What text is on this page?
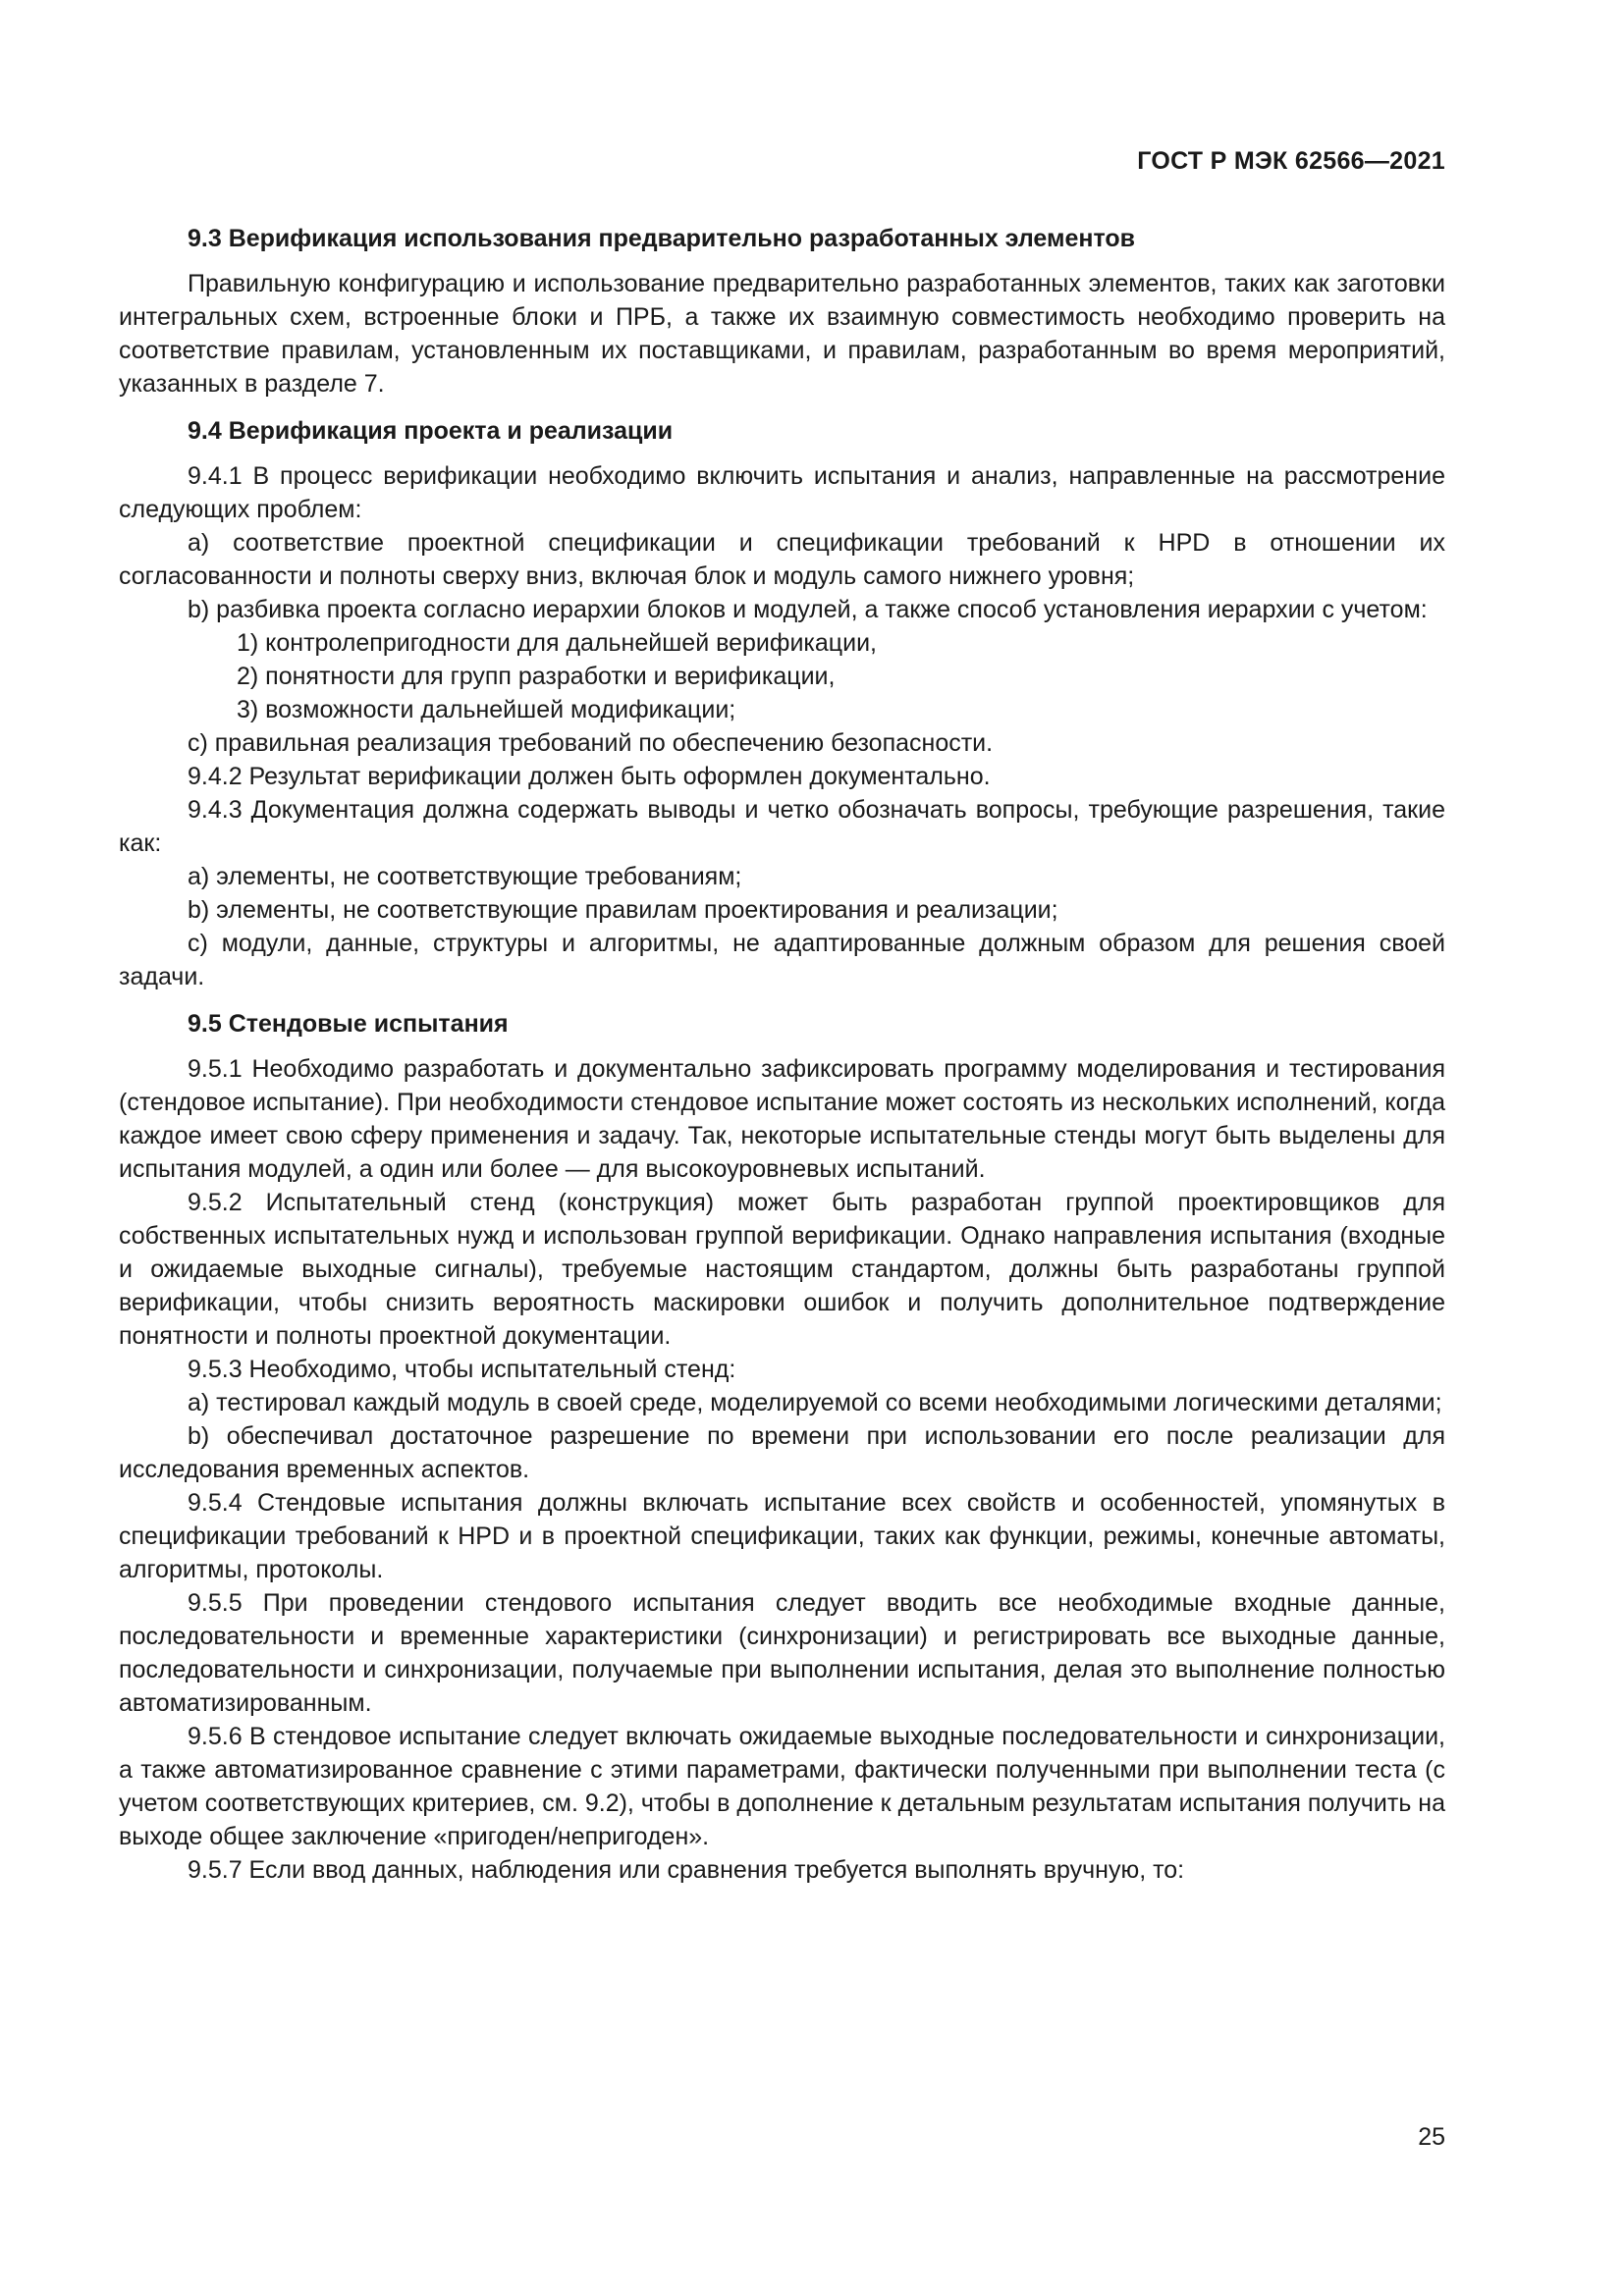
ГОСТ Р МЭК 62566—2021
9.3 Верификация использования предварительно разработанных элементов

Правильную конфигурацию и использование предварительно разработанных элементов, таких как заготовки интегральных схем, встроенные блоки и ПРБ, а также их взаимную совместимость необходимо проверить на соответствие правилам, установленным их поставщиками, и правилам, разработанным во время мероприятий, указанных в разделе 7.

9.4 Верификация проекта и реализации

9.4.1 В процесс верификации необходимо включить испытания и анализ, направленные на рассмотрение следующих проблем:

a) соответствие проектной спецификации и спецификации требований к HPD в отношении их согласованности и полноты сверху вниз, включая блок и модуль самого нижнего уровня;

b) разбивка проекта согласно иерархии блоков и модулей, а также способ установления иерархии с учетом:

1) контролепригодности для дальнейшей верификации,
2) понятности для групп разработки и верификации,
3) возможности дальнейшей модификации;

c) правильная реализация требований по обеспечению безопасности.

9.4.2 Результат верификации должен быть оформлен документально.

9.4.3 Документация должна содержать выводы и четко обозначать вопросы, требующие разрешения, такие как:

a) элементы, не соответствующие требованиям;

b) элементы, не соответствующие правилам проектирования и реализации;

c) модули, данные, структуры и алгоритмы, не адаптированные должным образом для решения своей задачи.

9.5 Стендовые испытания

9.5.1 Необходимо разработать и документально зафиксировать программу моделирования и тестирования (стендовое испытание). При необходимости стендовое испытание может состоять из нескольких исполнений, когда каждое имеет свою сферу применения и задачу. Так, некоторые испытательные стенды могут быть выделены для испытания модулей, а один или более — для высокоуровневых испытаний.

9.5.2 Испытательный стенд (конструкция) может быть разработан группой проектировщиков для собственных испытательных нужд и использован группой верификации. Однако направления испытания (входные и ожидаемые выходные сигналы), требуемые настоящим стандартом, должны быть разработаны группой верификации, чтобы снизить вероятность маскировки ошибок и получить дополнительное подтверждение понятности и полноты проектной документации.

9.5.3 Необходимо, чтобы испытательный стенд:

a) тестировал каждый модуль в своей среде, моделируемой со всеми необходимыми логическими деталями;

b) обеспечивал достаточное разрешение по времени при использовании его после реализации для исследования временных аспектов.

9.5.4 Стендовые испытания должны включать испытание всех свойств и особенностей, упомянутых в спецификации требований к HPD и в проектной спецификации, таких как функции, режимы, конечные автоматы, алгоритмы, протоколы.

9.5.5 При проведении стендового испытания следует вводить все необходимые входные данные, последовательности и временные характеристики (синхронизации) и регистрировать все выходные данные, последовательности и синхронизации, получаемые при выполнении испытания, делая это выполнение полностью автоматизированным.

9.5.6 В стендовое испытание следует включать ожидаемые выходные последовательности и синхронизации, а также автоматизированное сравнение с этими параметрами, фактически полученными при выполнении теста (с учетом соответствующих критериев, см. 9.2), чтобы в дополнение к детальным результатам испытания получить на выходе общее заключение «пригоден/непригоден».

9.5.7 Если ввод данных, наблюдения или сравнения требуется выполнять вручную, то:

25
